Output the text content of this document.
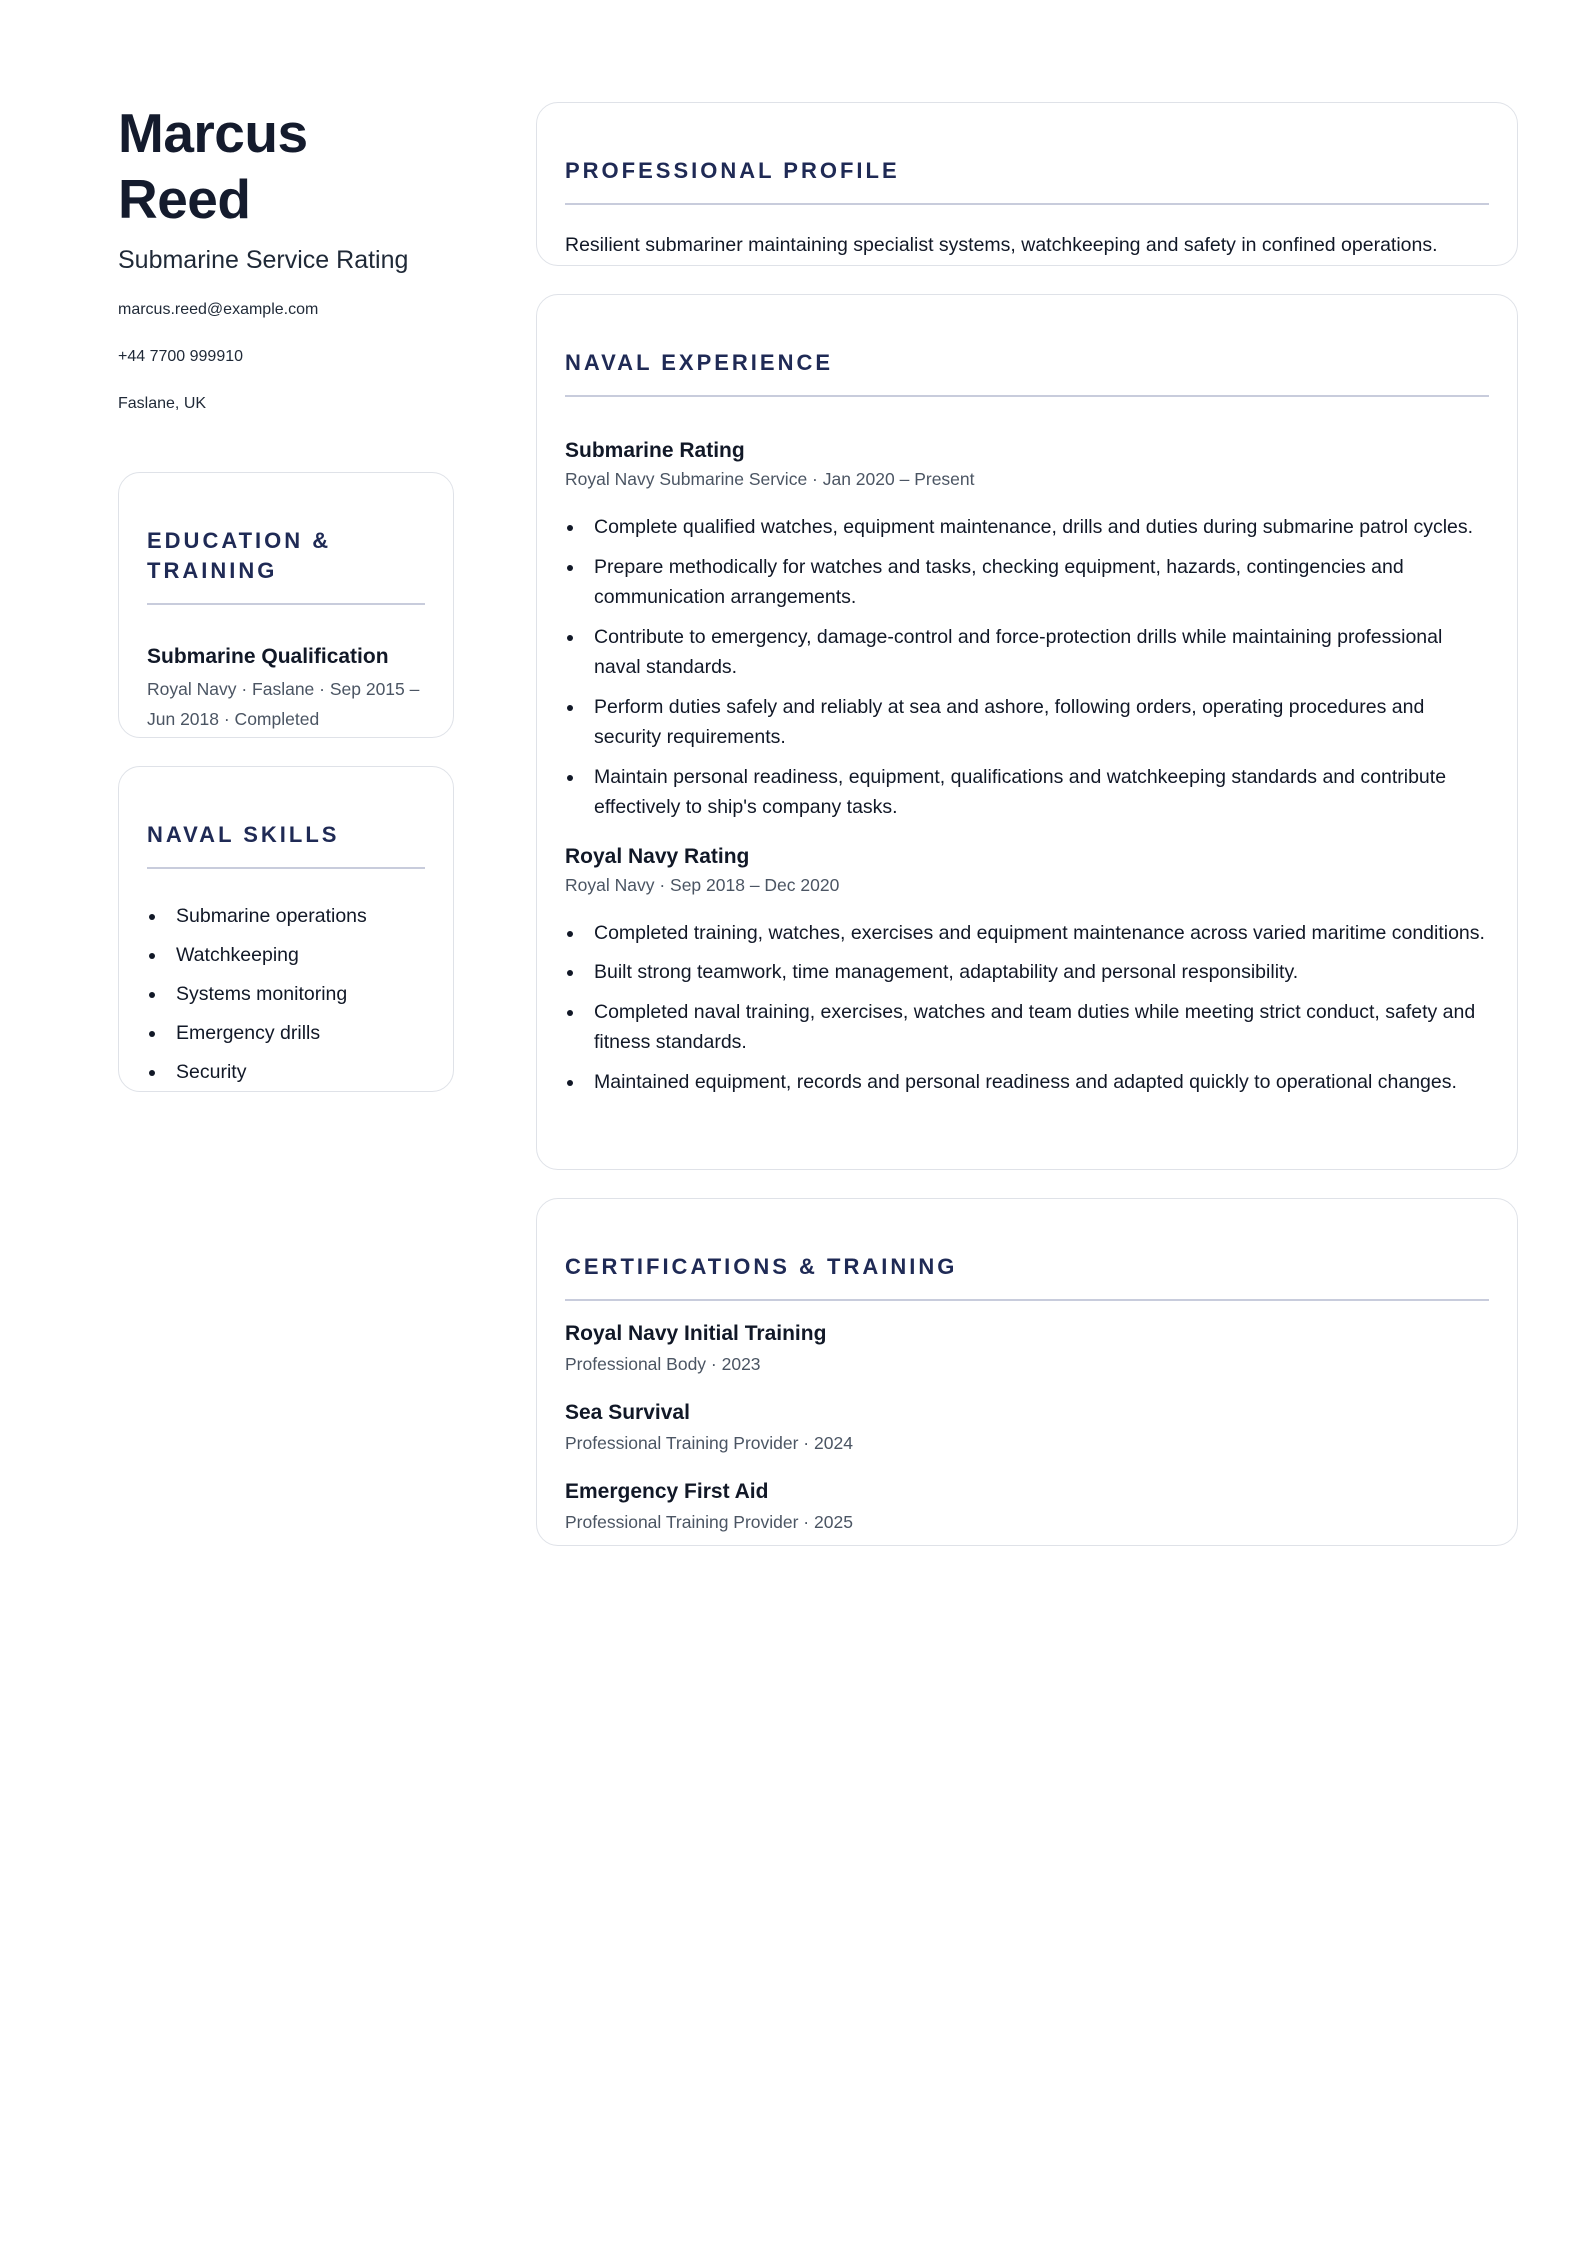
Marcus Reed
Submarine Service Rating
marcus.reed@example.com
+44 7700 999910
Faslane, UK
EDUCATION & TRAINING
Submarine Qualification
Royal Navy · Faslane · Sep 2015 – Jun 2018 · Completed
NAVAL SKILLS
Submarine operations
Watchkeeping
Systems monitoring
Emergency drills
Security
PROFESSIONAL PROFILE
Resilient submariner maintaining specialist systems, watchkeeping and safety in confined operations.
NAVAL EXPERIENCE
Submarine Rating
Royal Navy Submarine Service · Jan 2020 – Present
Complete qualified watches, equipment maintenance, drills and duties during submarine patrol cycles.
Prepare methodically for watches and tasks, checking equipment, hazards, contingencies and communication arrangements.
Contribute to emergency, damage-control and force-protection drills while maintaining professional naval standards.
Perform duties safely and reliably at sea and ashore, following orders, operating procedures and security requirements.
Maintain personal readiness, equipment, qualifications and watchkeeping standards and contribute effectively to ship's company tasks.
Royal Navy Rating
Royal Navy · Sep 2018 – Dec 2020
Completed training, watches, exercises and equipment maintenance across varied maritime conditions.
Built strong teamwork, time management, adaptability and personal responsibility.
Completed naval training, exercises, watches and team duties while meeting strict conduct, safety and fitness standards.
Maintained equipment, records and personal readiness and adapted quickly to operational changes.
CERTIFICATIONS & TRAINING
Royal Navy Initial Training
Professional Body · 2023
Sea Survival
Professional Training Provider · 2024
Emergency First Aid
Professional Training Provider · 2025
